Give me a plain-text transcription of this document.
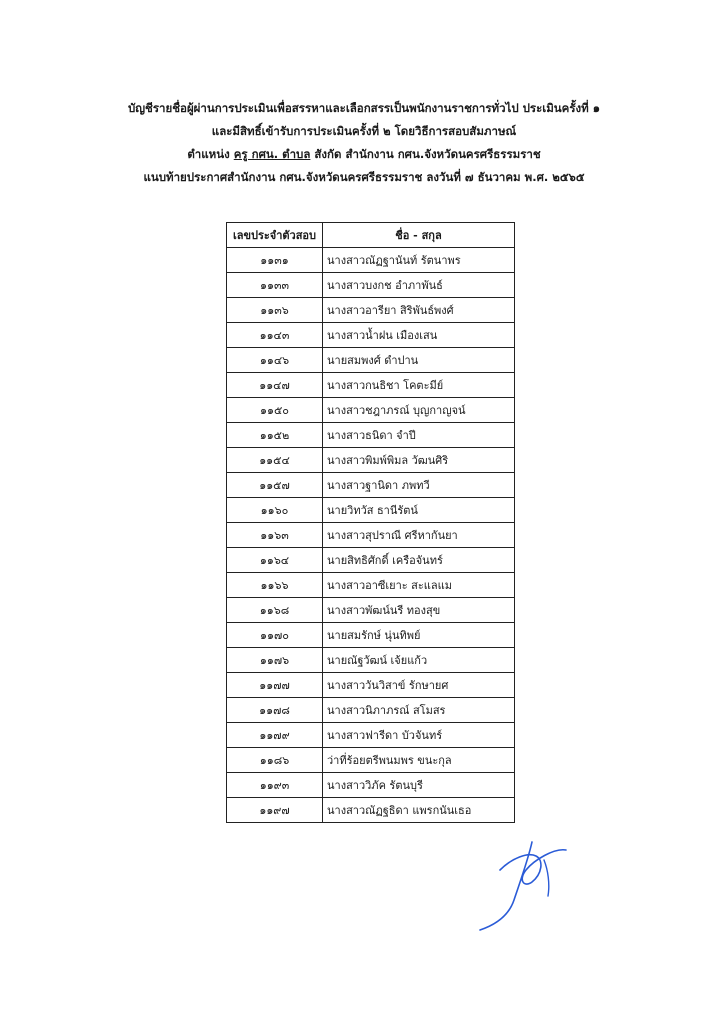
บัญชีรายชื่อผู้ผ่านการประเมินเพื่อสรรหาและเลือกสรรเป็นพนักงานราชการทั่วไป ประเมินครั้งที่ ๑
และมีสิทธิ์เข้ารับการประเมินครั้งที่ ๒ โดยวิธีการสอบสัมภาษณ์
ตำแหน่ง ครู กศน. ตำบล สังกัด สำนักงาน กศน.จังหวัดนครศรีธรรมราช
แนบท้ายประกาศสำนักงาน กศน.จังหวัดนครศรีธรรมราช ลงวันที่ ๗ ธันวาคม พ.ศ. ๒๕๖๕
เลขประจำตัวสอบ	ชื่อ - สกุล
๑๑๓๑	นางสาวณัฏฐานันท์ รัตนาพร
๑๑๓๓	นางสาวบงกช อำภาพันธ์
๑๑๓๖	นางสาวอารียา สิริพันธ์พงศ์
๑๑๔๓	นางสาวน้ำฝน เมืองเสน
๑๑๔๖	นายสมพงศ์ ดำปาน
๑๑๔๗	นางสาวกนธิชา โคตะมีย์
๑๑๕๐	นางสาวชฎาภรณ์ บุญกาญจน์
๑๑๕๒	นางสาวธนิดา จำปี
๑๑๕๔	นางสาวพิมพ์พิมล วัฒนศิริ
๑๑๕๗	นางสาวฐานิดา ภพทวี
๑๑๖๐	นายวิทวัส ธานีรัตน์
๑๑๖๓	นางสาวสุปราณี ศรีหากันยา
๑๑๖๔	นายสิทธิศักดิ์ เครือจันทร์
๑๑๖๖	นางสาวอาซีเยาะ สะแลแม
๑๑๖๘	นางสาวพัฒน์นรี ทองสุข
๑๑๗๐	นายสมรักษ์ นุ่นทิพย์
๑๑๗๖	นายณัฐวัฒน์ เจ้ยแก้ว
๑๑๗๗	นางสาววันวิสาข์ รักษายศ
๑๑๗๘	นางสาวนิภาภรณ์ สโมสร
๑๑๗๙	นางสาวฟารีดา บัวจันทร์
๑๑๘๖	ว่าที่ร้อยตรีพนมพร ขนะกุล
๑๑๙๓	นางสาววิภัค รัตนบุรี
๑๑๙๗	นางสาวณัฏฐธิดา แพรกนันเธอ
